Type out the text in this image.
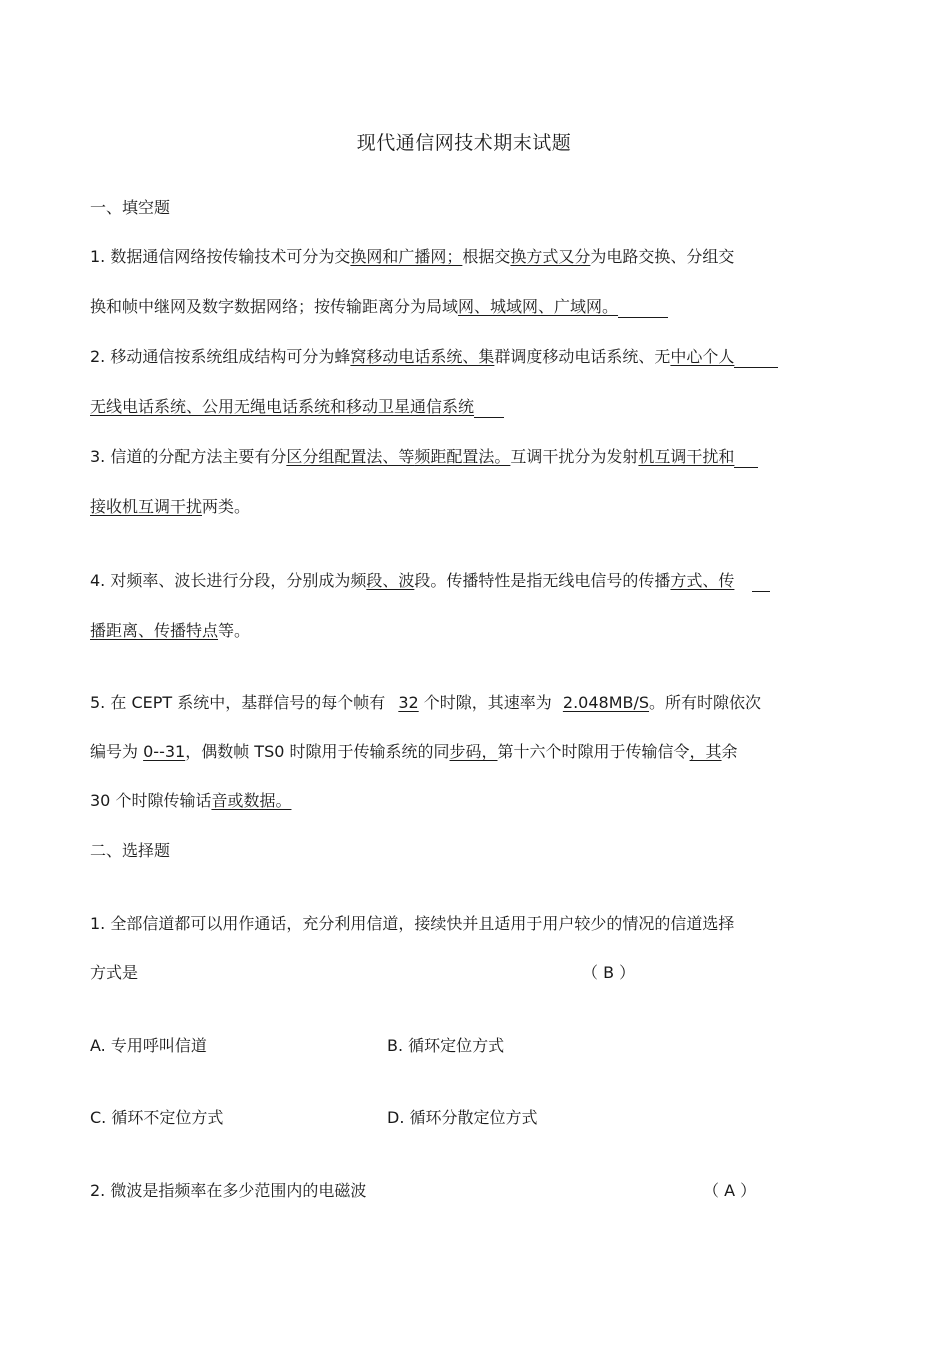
现代通信网技术期末试题
一、填空题
1. 数据通信网络按传输技术可分为交换网和广播网；根据交换方式又分为电路交换、分组交
换和帧中继网及数字数据网络；按传输距离分为局域网、城域网、广域网。
2. 移动通信按系统组成结构可分为蜂窝移动电话系统、集群调度移动电话系统、无中心个人
无线电话系统、公用无绳电话系统和移动卫星通信系统
3. 信道的分配方法主要有分区分组配置法、等频距配置法。互调干扰分为发射机互调干扰和
接收机互调干扰两类。
4. 对频率、波长进行分段，分别成为频段、波段。传播特性是指无线电信号的传播方式、传
播距离、传播特点等。
5. 在 CEPT 系统中，基群信号的每个帧有 32 个时隙，其速率为 2.048MB/S。所有时隙依次
编号为 0--31，偶数帧 TS0 时隙用于传输系统的同步码，第十六个时隙用于传输信令，其余
30 个时隙传输话音或数据。
二、选择题
1. 全部信道都可以用作通话，充分利用信道，接续快并且适用于用户较少的情况的信道选择
方式是	（ B ）
A. 专用呼叫信道	B. 循环定位方式
C. 循环不定位方式	D. 循环分散定位方式
2. 微波是指频率在多少范围内的电磁波	（ A ）
